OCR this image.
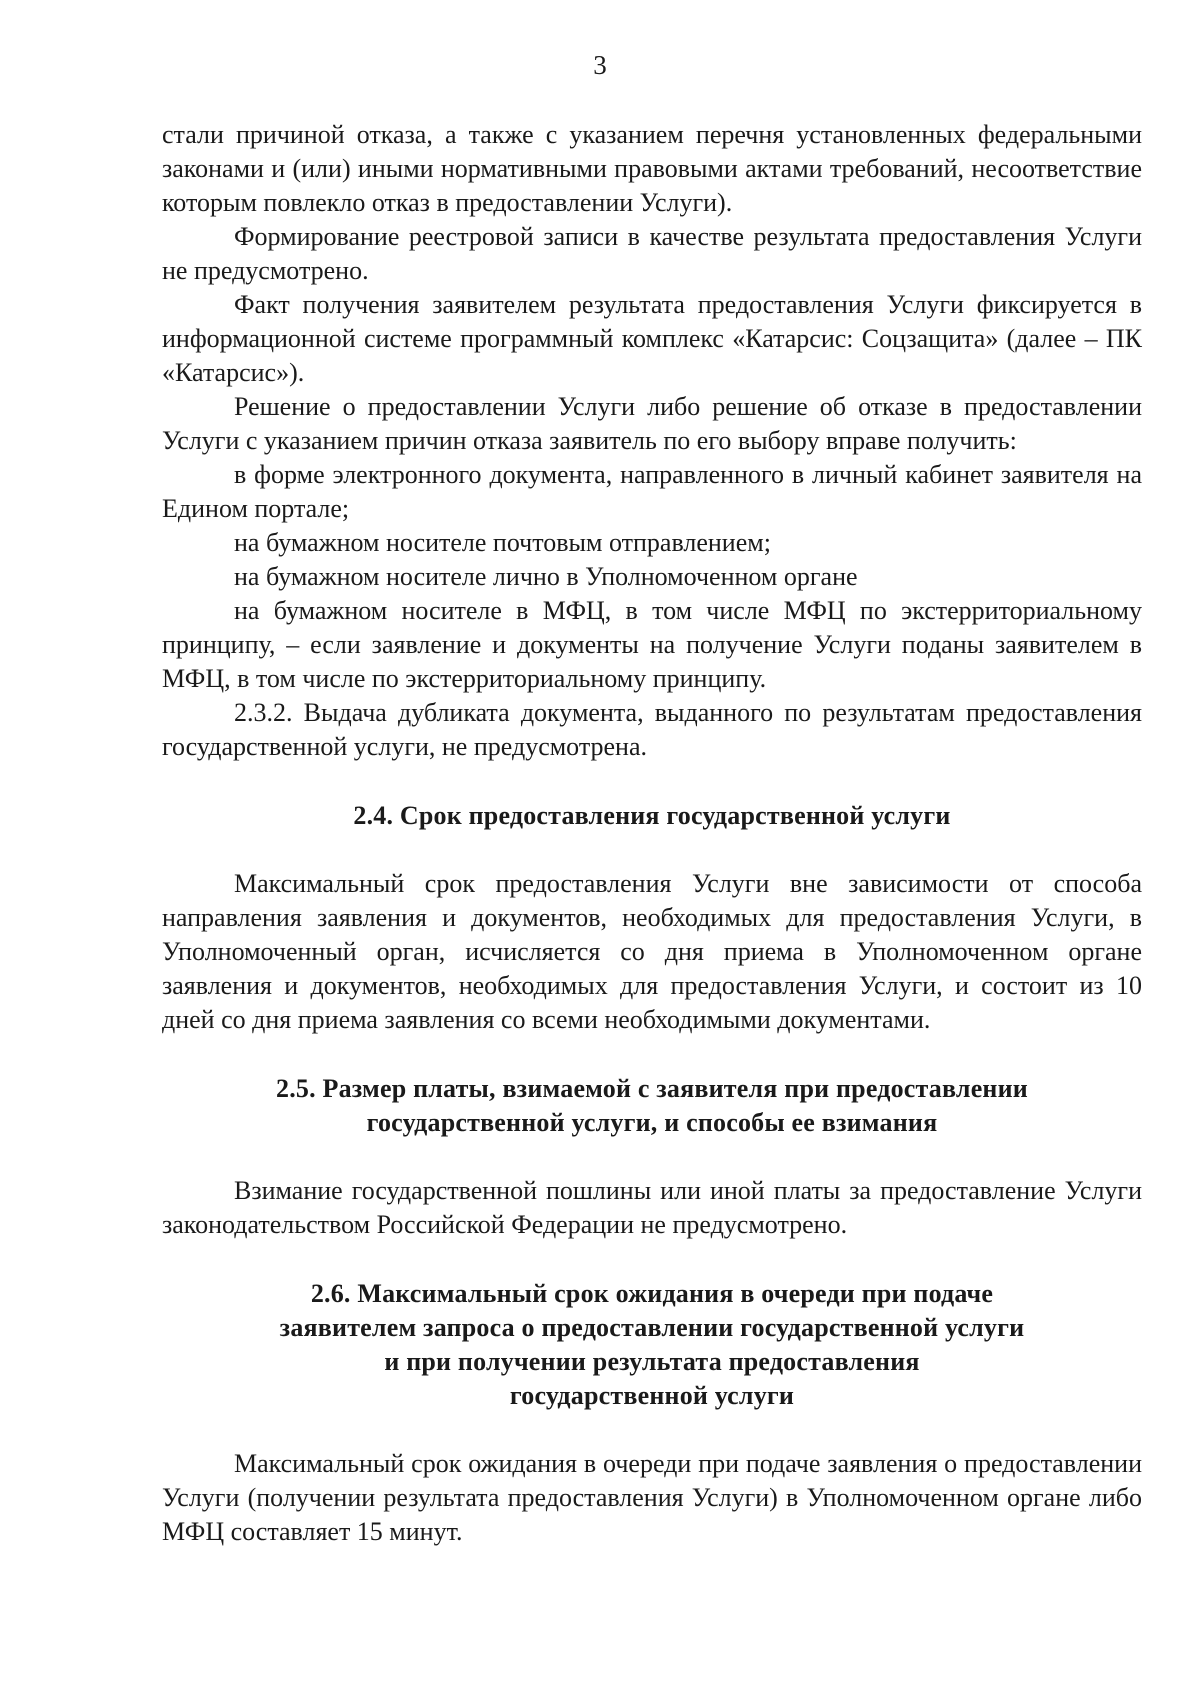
3

стали причиной отказа, а также с указанием перечня установленных федеральными законами и (или) иными нормативными правовыми актами требований, несоответствие которым повлекло отказ в предоставлении Услуги).

Формирование реестровой записи в качестве результата предоставления Услуги не предусмотрено.

Факт получения заявителем результата предоставления Услуги фиксируется в информационной системе программный комплекс «Катарсис: Соцзащита» (далее – ПК «Катарсис»).

Решение о предоставлении Услуги либо решение об отказе в предоставлении Услуги с указанием причин отказа заявитель по его выбору вправе получить:

в форме электронного документа, направленного в личный кабинет заявителя на Едином портале;

на бумажном носителе почтовым отправлением;

на бумажном носителе лично в Уполномоченном органе

на бумажном носителе в МФЦ, в том числе МФЦ по экстерриториальному принципу, – если заявление и документы на получение Услуги поданы заявителем в МФЦ, в том числе по экстерриториальному принципу.

2.3.2. Выдача дубликата документа, выданного по результатам предоставления государственной услуги, не предусмотрена.

2.4. Срок предоставления государственной услуги

Максимальный срок предоставления Услуги вне зависимости от способа направления заявления и документов, необходимых для предоставления Услуги, в Уполномоченный орган, исчисляется со дня приема в Уполномоченном органе заявления и документов, необходимых для предоставления Услуги, и состоит из 10 дней со дня приема заявления со всеми необходимыми документами.

2.5. Размер платы, взимаемой с заявителя при предоставлении
государственной услуги, и способы ее взимания

Взимание государственной пошлины или иной платы за предоставление Услуги законодательством Российской Федерации не предусмотрено.

2.6. Максимальный срок ожидания в очереди при подаче
заявителем запроса о предоставлении государственной услуги
и при получении результата предоставления
государственной услуги

Максимальный срок ожидания в очереди при подаче заявления о предоставлении Услуги (получении результата предоставления Услуги) в Уполномоченном органе либо МФЦ составляет 15 минут.
